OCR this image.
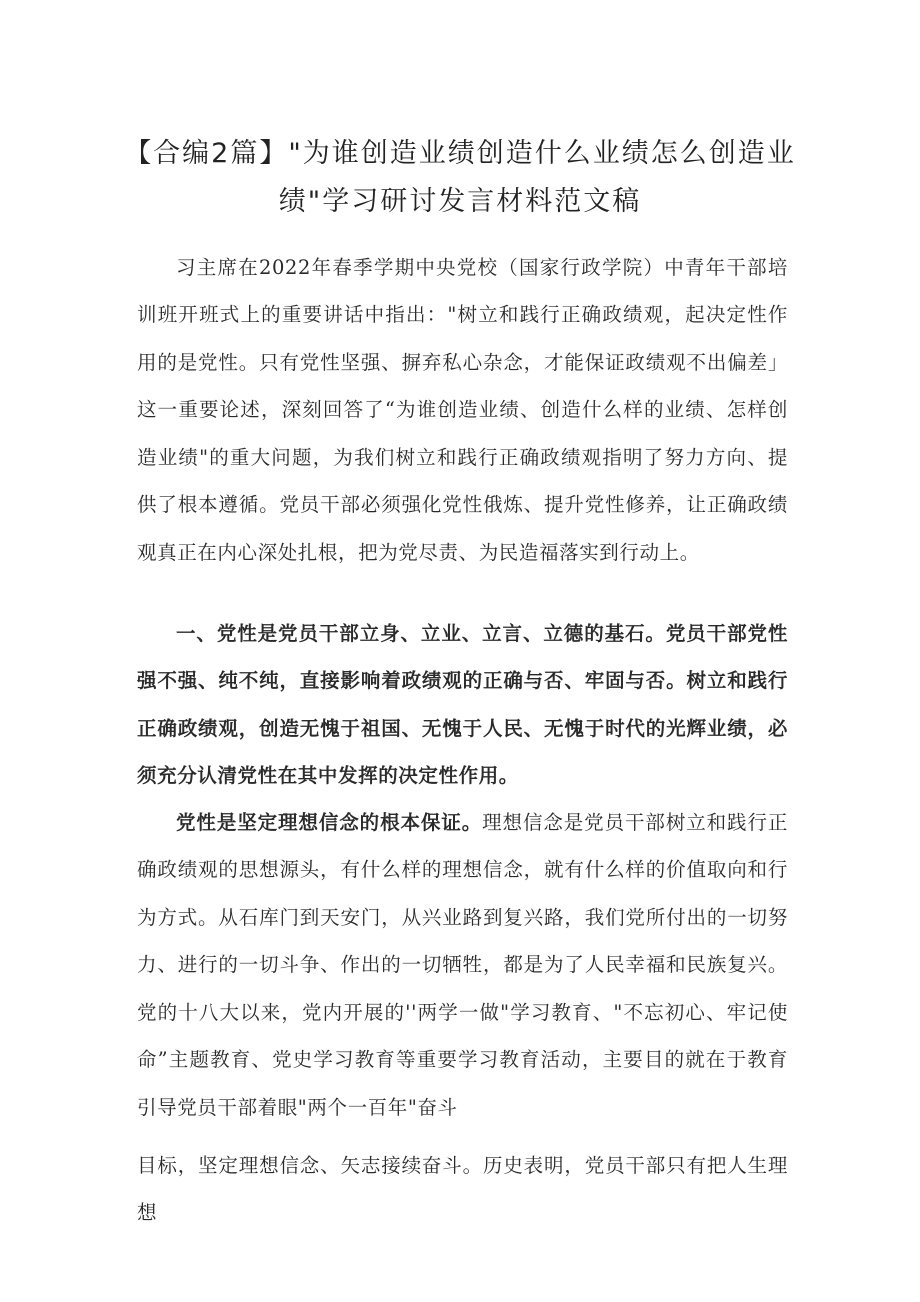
【合编2篇】"为谁创造业绩创造什么业绩怎么创造业绩"学习研讨发言材料范文稿

习主席在2022年春季学期中央党校（国家行政学院）中青年干部培训班开班式上的重要讲话中指出："树立和践行正确政绩观，起决定性作用的是党性。只有党性坚强、摒弃私心杂念，才能保证政绩观不出偏差」这一重要论述，深刻回答了“为谁创造业绩、创造什么样的业绩、怎样创造业绩"的重大问题，为我们树立和践行正确政绩观指明了努力方向、提供了根本遵循。党员干部必须强化党性俄炼、提升党性修养，让正确政绩观真正在内心深处扎根，把为党尽责、为民造福落实到行动上。

一、党性是党员干部立身、立业、立言、立德的基石。党员干部党性强不强、纯不纯，直接影响着政绩观的正确与否、牢固与否。树立和践行正确政绩观，创造无愧于祖国、无愧于人民、无愧于时代的光辉业绩，必须充分认清党性在其中发挥的决定性作用。

党性是坚定理想信念的根本保证。理想信念是党员干部树立和践行正确政绩观的思想源头，有什么样的理想信念，就有什么样的价值取向和行为方式。从石库门到天安门，从兴业路到复兴路，我们党所付出的一切努力、进行的一切斗争、作出的一切牺牲，都是为了人民幸福和民族复兴。党的十八大以来，党内开展的''两学一做"学习教育、"不忘初心、牢记使命”主题教育、党史学习教育等重要学习教育活动，主要目的就在于教育引导党员干部着眼"两个一百年"奋斗

目标，坚定理想信念、矢志接续奋斗。历史表明，党员干部只有把人生理想
